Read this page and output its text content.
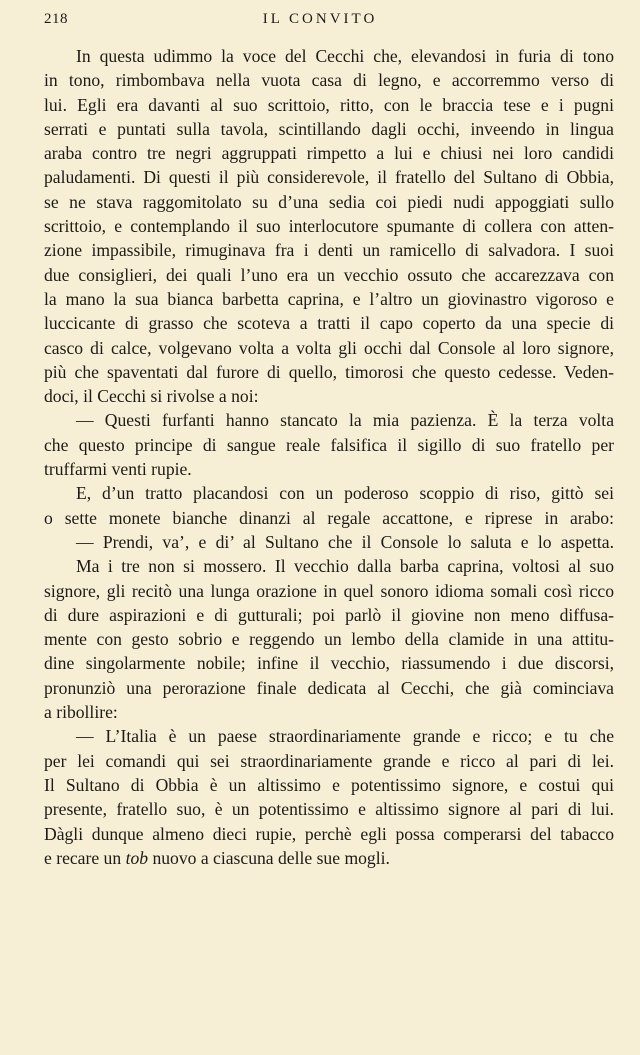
218	IL CONVITO
In questa udimmo la voce del Cecchi che, elevandosi in furia di tono
in tono, rimbombava nella vuota casa di legno, e accorremmo verso di
lui. Egli era davanti al suo scrittoio, ritto, con le braccia tese e i pugni
serrati e puntati sulla tavola, scintillando dagli occhi, inveendo in lingua
araba contro tre negri aggruppati rimpetto a lui e chiusi nei loro candidi
paludamenti. Di questi il più considerevole, il fratello del Sultano di Obbia,
se ne stava raggomitolato su d’una sedia coi piedi nudi appoggiati sullo
scrittoio, e contemplando il suo interlocutore spumante di collera con atten-
zione impassibile, rimuginava fra i denti un ramicello di salvadora. I suoi
due consiglieri, dei quali l’uno era un vecchio ossuto che accarezzava con
la mano la sua bianca barbetta caprina, e l’altro un giovinastro vigoroso e
luccicante di grasso che scoteva a tratti il capo coperto da una specie di
casco di calce, volgevano volta a volta gli occhi dal Console al loro signore,
più che spaventati dal furore di quello, timorosi che questo cedesse. Veden-
doci, il Cecchi si rivolse a noi:
— Questi furfanti hanno stancato la mia pazienza. È la terza volta
che questo principe di sangue reale falsifica il sigillo di suo fratello per
truffarmi venti rupie.
E, d’un tratto placandosi con un poderoso scoppio di riso, gittò sei
o sette monete bianche dinanzi al regale accattone, e riprese in arabo:
— Prendi, va’, e di’ al Sultano che il Console lo saluta e lo aspetta.
Ma i tre non si mossero. Il vecchio dalla barba caprina, voltosi al suo
signore, gli recitò una lunga orazione in quel sonoro idioma somali così ricco
di dure aspirazioni e di gutturali; poi parlò il giovine non meno diffusa-
mente con gesto sobrio e reggendo un lembo della clamide in una attitu-
dine singolarmente nobile; infine il vecchio, riassumendo i due discorsi,
pronunziò una perorazione finale dedicata al Cecchi, che già cominciava
a ribollire:
— L’Italia è un paese straordinariamente grande e ricco; e tu che
per lei comandi qui sei straordinariamente grande e ricco al pari di lei.
Il Sultano di Obbia è un altissimo e potentissimo signore, e costui qui
presente, fratello suo, è un potentissimo e altissimo signore al pari di lui.
Dàgli dunque almeno dieci rupie, perchè egli possa comperarsi del tabacco
e recare un tob nuovo a ciascuna delle sue mogli.
